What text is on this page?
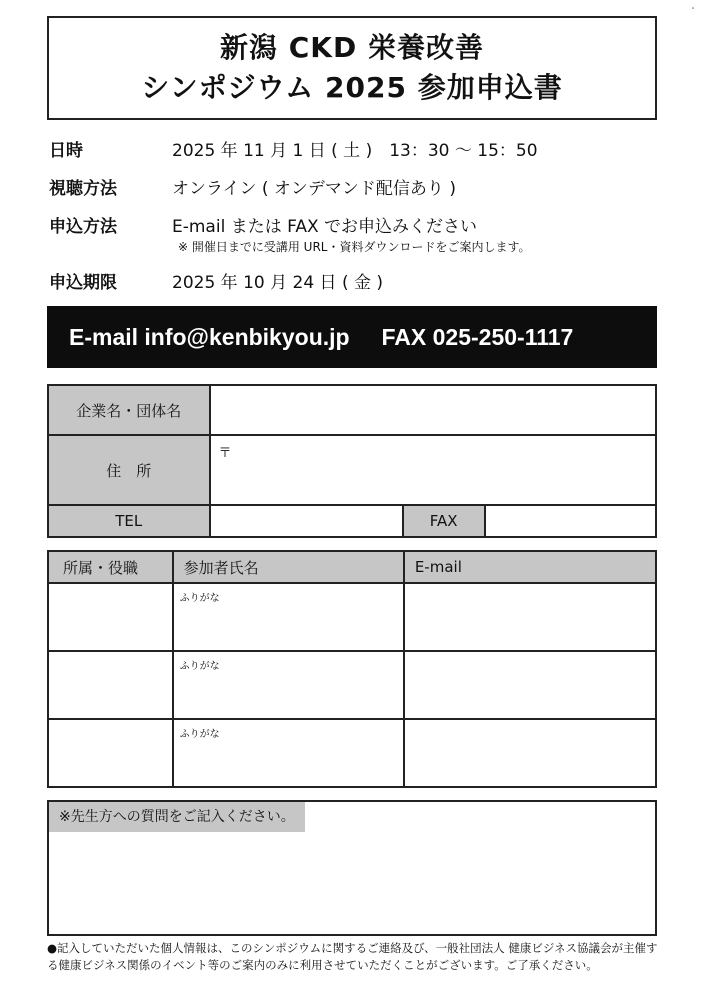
新潟 CKD 栄養改善
シンポジウム 2025 参加申込書
日時	2025 年 11 月 1 日 ( 土 )　13：30 ～ 15：50
視聴方法	オンライン ( オンデマンド配信あり )
申込方法	E-mail または FAX でお申込みください
※ 開催日までに受講用 URL・資料ダウンロードをご案内します。
申込期限	2025 年 10 月 24 日 ( 金 )
E-mail info@kenbikyou.jp     FAX 025-250-1117
企業名・団体名			
住　所	〒		
TEL		FAX	
所属・役職	参加者氏名	E-mail
	ふりがな	
	ふりがな	
	ふりがな	
※先生方への質問をご記入ください。
●記入していただいた個人情報は、このシンポジウムに関するご連絡及び、一般社団法人 健康ビジネス協議会が主催する健康ビジネス関係のイベント等のご案内のみに利用させていただくことがございます。ご了承ください。
・
